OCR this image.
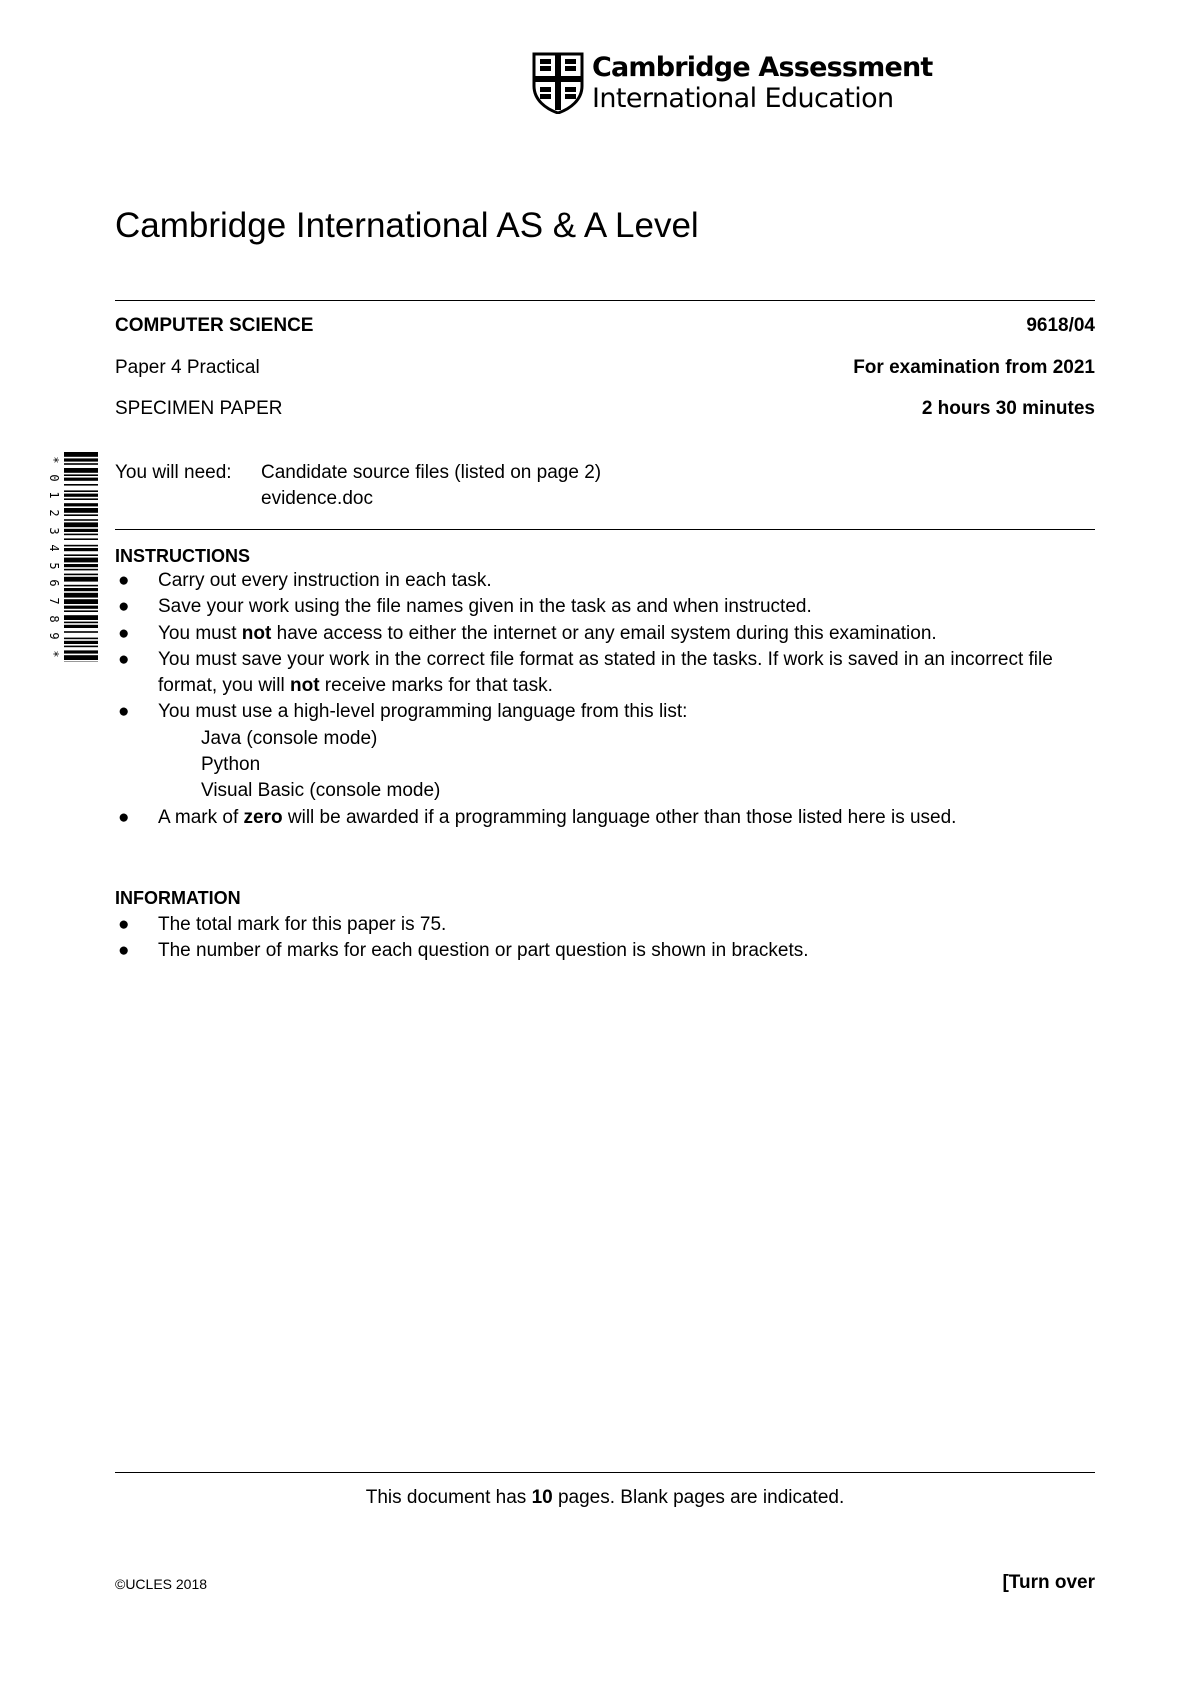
Cambridge Assessment
International Education
Cambridge International AS & A Level
COMPUTER SCIENCE	9618/04
Paper 4 Practical	For examination from 2021
SPECIMEN PAPER	2 hours 30 minutes
*
0
1
2
3
4
5
6
7
8
9
*
You will need:	Candidate source files (listed on page 2)
evidence.doc
INSTRUCTIONS
● Carry out every instruction in each task.
● Save your work using the file names given in the task as and when instructed.
● You must not have access to either the internet or any email system during this examination.
● You must save your work in the correct file format as stated in the tasks. If work is saved in an incorrect file format, you will not receive marks for that task.
● You must use a high-level programming language from this list:
Java (console mode)
Python
Visual Basic (console mode)
● A mark of zero will be awarded if a programming language other than those listed here is used.
INFORMATION
● The total mark for this paper is 75.
● The number of marks for each question or part question is shown in brackets.
This document has 10 pages. Blank pages are indicated.
©UCLES 2018	[Turn over
